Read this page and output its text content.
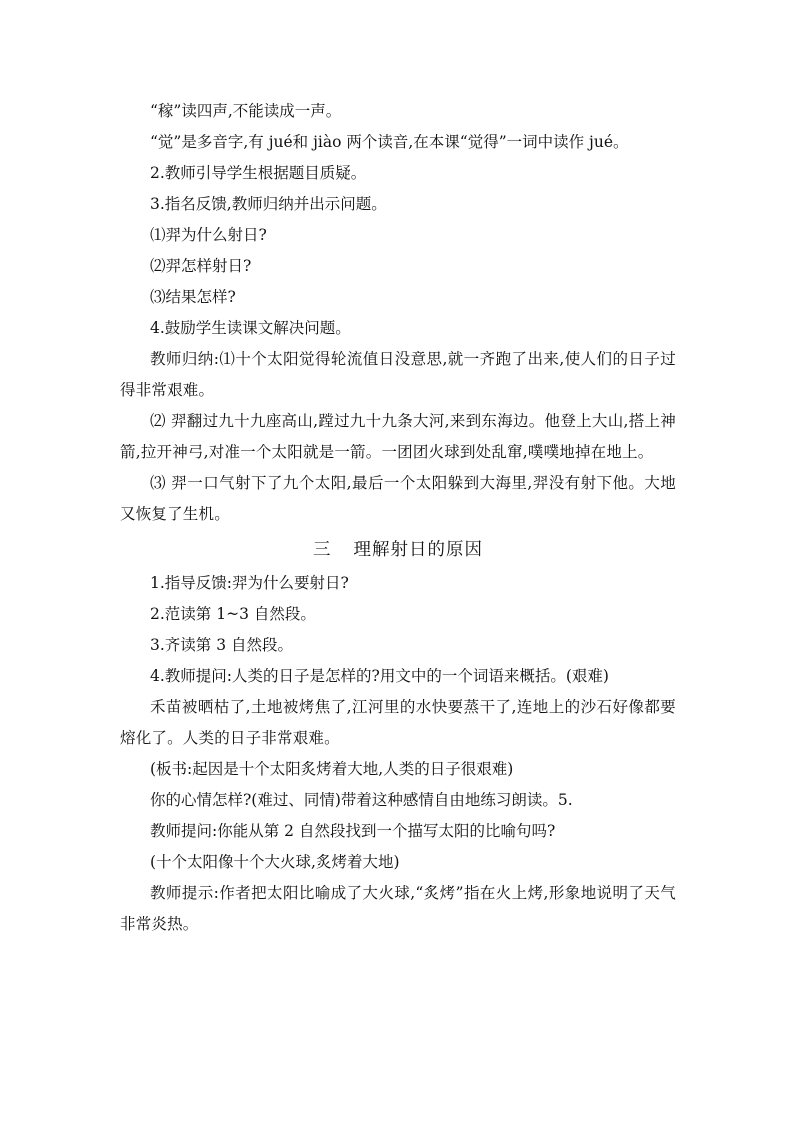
“稼”读四声,不能读成一声。
“觉”是多音字,有 jué和 jiào 两个读音,在本课“觉得”一词中读作 jué。
2.教师引导学生根据题目质疑。
3.指名反馈,教师归纳并出示问题。
⑴羿为什么射日?
⑵羿怎样射日?
⑶结果怎样?
4.鼓励学生读课文解决问题。
教师归纳:⑴十个太阳觉得轮流值日没意思,就一齐跑了出来,使人们的日子过得非常艰难。
⑵ 羿翻过九十九座高山,蹚过九十九条大河,来到东海边。他登上大山,搭上神箭,拉开神弓,对准一个太阳就是一箭。一团团火球到处乱窜,噗噗地掉在地上。
⑶ 羿一口气射下了九个太阳,最后一个太阳躲到大海里,羿没有射下他。大地又恢复了生机。
三 理解射日的原因
1.指导反馈:羿为什么要射日?
2.范读第 1~3 自然段。
3.齐读第 3 自然段。
4.教师提问:人类的日子是怎样的?用文中的一个词语来概括。(艰难)
禾苗被晒枯了,土地被烤焦了,江河里的水快要蒸干了,连地上的沙石好像都要熔化了。人类的日子非常艰难。
(板书:起因是十个太阳炙烤着大地,人类的日子很艰难)
你的心情怎样?(难过、同情)带着这种感情自由地练习朗读。5.
教师提问:你能从第 2 自然段找到一个描写太阳的比喻句吗?
(十个太阳像十个大火球,炙烤着大地)
教师提示:作者把太阳比喻成了大火球,“炙烤”指在火上烤,形象地说明了天气非常炎热。
